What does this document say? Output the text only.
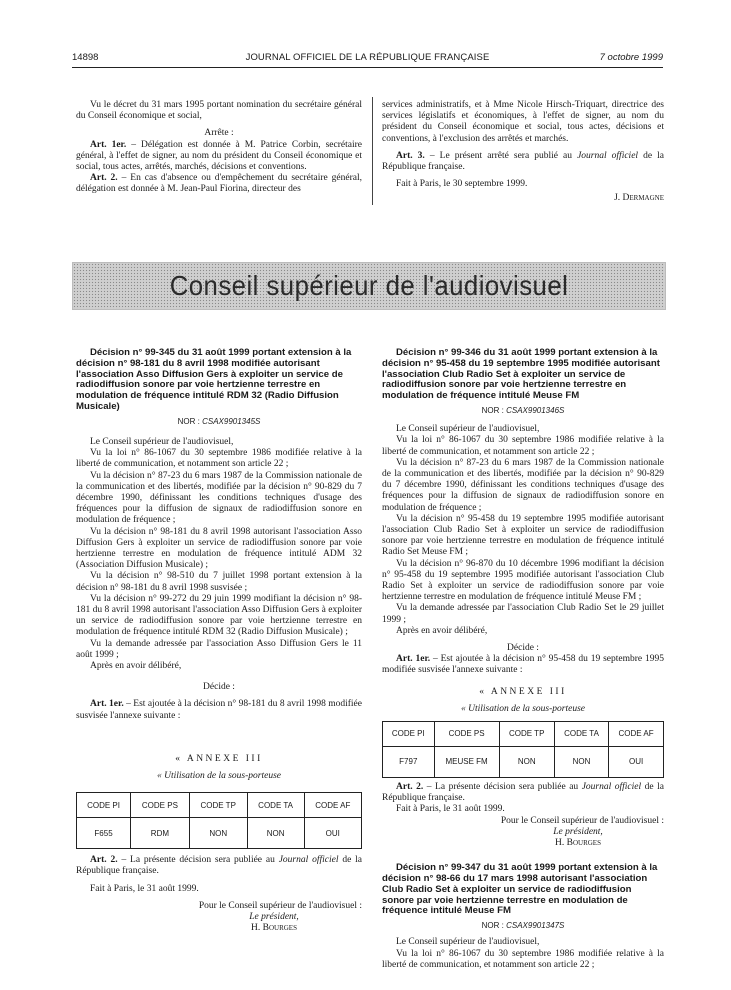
14898	JOURNAL OFFICIEL DE LA RÉPUBLIQUE FRANÇAISE	7 octobre 1999

Vu le décret du 31 mars 1995 portant nomination du secrétaire général du Conseil économique et social,

Arrête :

Art. 1er. – Délégation est donnée à M. Patrice Corbin, secrétaire général, à l'effet de signer, au nom du président du Conseil économique et social, tous actes, arrêtés, marchés, décisions et conventions.

Art. 2. – En cas d'absence ou d'empêchement du secrétaire général, délégation est donnée à M. Jean-Paul Fiorina, directeur des

services administratifs, et à Mme Nicole Hirsch-Triquart, directrice des services législatifs et économiques, à l'effet de signer, au nom du président du Conseil économique et social, tous actes, décisions et conventions, à l'exclusion des arrêtés et marchés.

Art. 3. – Le présent arrêté sera publié au Journal officiel de la République française.

Fait à Paris, le 30 septembre 1999.

J. Dermagne

Conseil supérieur de l'audiovisuel

Décision n° 99-345 du 31 août 1999 portant extension à la décision n° 98-181 du 8 avril 1998 modifiée autorisant l'association Asso Diffusion Gers à exploiter un service de radiodiffusion sonore par voie hertzienne terrestre en modulation de fréquence intitulé RDM 32 (Radio Diffusion Musicale)

NOR : CSAX9901345S

Le Conseil supérieur de l'audiovisuel,

Vu la loi n° 86-1067 du 30 septembre 1986 modifiée relative à la liberté de communication, et notamment son article 22 ;

Vu la décision n° 87-23 du 6 mars 1987 de la Commission nationale de la communication et des libertés, modifiée par la décision n° 90-829 du 7 décembre 1990, définissant les conditions techniques d'usage des fréquences pour la diffusion de signaux de radiodiffusion sonore en modulation de fréquence ;

Vu la décision n° 98-181 du 8 avril 1998 autorisant l'association Asso Diffusion Gers à exploiter un service de radiodiffusion sonore par voie hertzienne terrestre en modulation de fréquence intitulé ADM 32 (Association Diffusion Musicale) ;

Vu la décision n° 98-510 du 7 juillet 1998 portant extension à la décision n° 98-181 du 8 avril 1998 susvisée ;

Vu la décision n° 99-272 du 29 juin 1999 modifiant la décision n° 98-181 du 8 avril 1998 autorisant l'association Asso Diffusion Gers à exploiter un service de radiodiffusion sonore par voie hertzienne terrestre en modulation de fréquence intitulé RDM 32 (Radio Diffusion Musicale) ;

Vu la demande adressée par l'association Asso Diffusion Gers le 11 août 1999 ;

Après en avoir délibéré,

Décide :

Art. 1er. – Est ajoutée à la décision n° 98-181 du 8 avril 1998 modifiée susvisée l'annexe suivante :

« ANNEXE III
« Utilisation de la sous-porteuse
CODE PI	CODE PS	CODE TP	CODE TA	CODE AF
F655	RDM	NON	NON	OUI

Art. 2. – La présente décision sera publiée au Journal officiel de la République française.

Fait à Paris, le 31 août 1999.

Pour le Conseil supérieur de l'audiovisuel :

Le président,

H. Bourges

Décision n° 99-346 du 31 août 1999 portant extension à la décision n° 95-458 du 19 septembre 1995 modifiée autorisant l'association Club Radio Set à exploiter un service de radiodiffusion sonore par voie hertzienne terrestre en modulation de fréquence intitulé Meuse FM

NOR : CSAX9901346S

Le Conseil supérieur de l'audiovisuel,

Vu la loi n° 86-1067 du 30 septembre 1986 modifiée relative à la liberté de communication, et notamment son article 22 ;

Vu la décision n° 87-23 du 6 mars 1987 de la Commission nationale de la communication et des libertés, modifiée par la décision n° 90-829 du 7 décembre 1990, définissant les conditions techniques d'usage des fréquences pour la diffusion de signaux de radiodiffusion sonore en modulation de fréquence ;

Vu la décision n° 95-458 du 19 septembre 1995 modifiée autorisant l'association Club Radio Set à exploiter un service de radiodiffusion sonore par voie hertzienne terrestre en modulation de fréquence intitulé Radio Set Meuse FM ;

Vu la décision n° 96-870 du 10 décembre 1996 modifiant la décision n° 95-458 du 19 septembre 1995 modifiée autorisant l'association Club Radio Set à exploiter un service de radiodiffusion sonore par voie hertzienne terrestre en modulation de fréquence intitulé Meuse FM ;

Vu la demande adressée par l'association Club Radio Set le 29 juillet 1999 ;

Après en avoir délibéré,

Décide :

Art. 1er. – Est ajoutée à la décision n° 95-458 du 19 septembre 1995 modifiée susvisée l'annexe suivante :

« ANNEXE III
« Utilisation de la sous-porteuse
CODE PI	CODE PS	CODE TP	CODE TA	CODE AF
F797	MEUSE FM	NON	NON	OUI

Art. 2. – La présente décision sera publiée au Journal officiel de la République française.

Fait à Paris, le 31 août 1999.

Pour le Conseil supérieur de l'audiovisuel :

Le président,

H. Bourges

Décision n° 99-347 du 31 août 1999 portant extension à la décision n° 98-66 du 17 mars 1998 autorisant l'association Club Radio Set à exploiter un service de radiodiffusion sonore par voie hertzienne terrestre en modulation de fréquence intitulé Meuse FM

NOR : CSAX9901347S

Le Conseil supérieur de l'audiovisuel,

Vu la loi n° 86-1067 du 30 septembre 1986 modifiée relative à la liberté de communication, et notamment son article 22 ;
